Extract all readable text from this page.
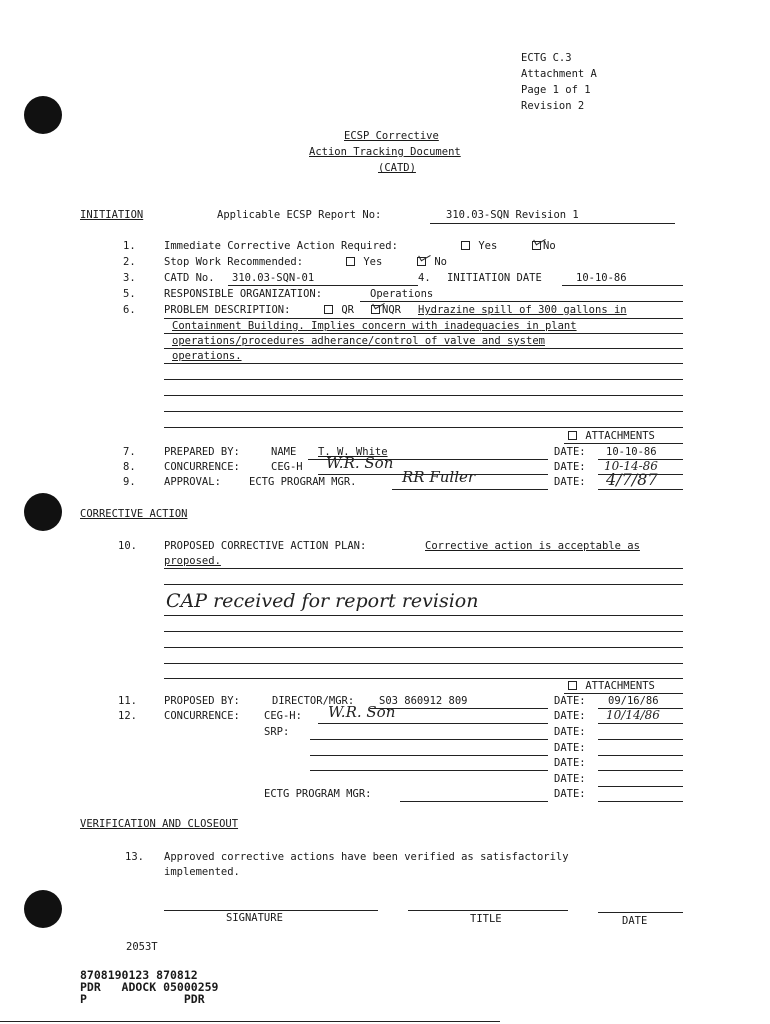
ECTG C.3
Attachment A
Page 1 of 1
Revision 2
ECSP Corrective
Action Tracking Document
(CATD)
INITIATION	Applicable ECSP Report No:	310.03-SQN Revision 1
1.	Immediate Corrective Action Required:	Yes	No
2.	Stop Work Recommended:	Yes	No
3.	CATD No. 310.03-SQN-01	4. INITIATION DATE	10-10-86
5.	RESPONSIBLE ORGANIZATION:	Operations
6.	PROBLEM DESCRIPTION:	QR	NQR Hydrazine spill of 300 gallons in
Containment Building. Implies concern with inadequacies in plant
operations/procedures adherance/control of valve and system
operations.
ATTACHMENTS
7.	PREPARED BY:	NAME T. W. White	DATE: 10-10-86
8.	CONCURRENCE:	CEG-H W.R. Son	DATE: 10-14-86
9.	APPROVAL:	ECTG PROGRAM MGR.	RR Fuller	DATE: 4/7/87
CORRECTIVE ACTION
10.	PROPOSED CORRECTIVE ACTION PLAN:	Corrective action is acceptable as
proposed.
CAP received for report revision
ATTACHMENTS
11.	PROPOSED BY:	DIRECTOR/MGR: S03 860912 809	DATE: 09/16/86
12.	CONCURRENCE: CEG-H: W.R. Son	DATE: 10/14/86
SRP:	DATE:
DATE:
DATE:
DATE:
ECTG PROGRAM MGR:	DATE:
VERIFICATION AND CLOSEOUT
13. Approved corrective actions have been verified as satisfactorily
implemented.
SIGNATURE	TITLE	DATE
2053T
8708190123 870812
PDR   ADOCK 05000259
P              PDR
